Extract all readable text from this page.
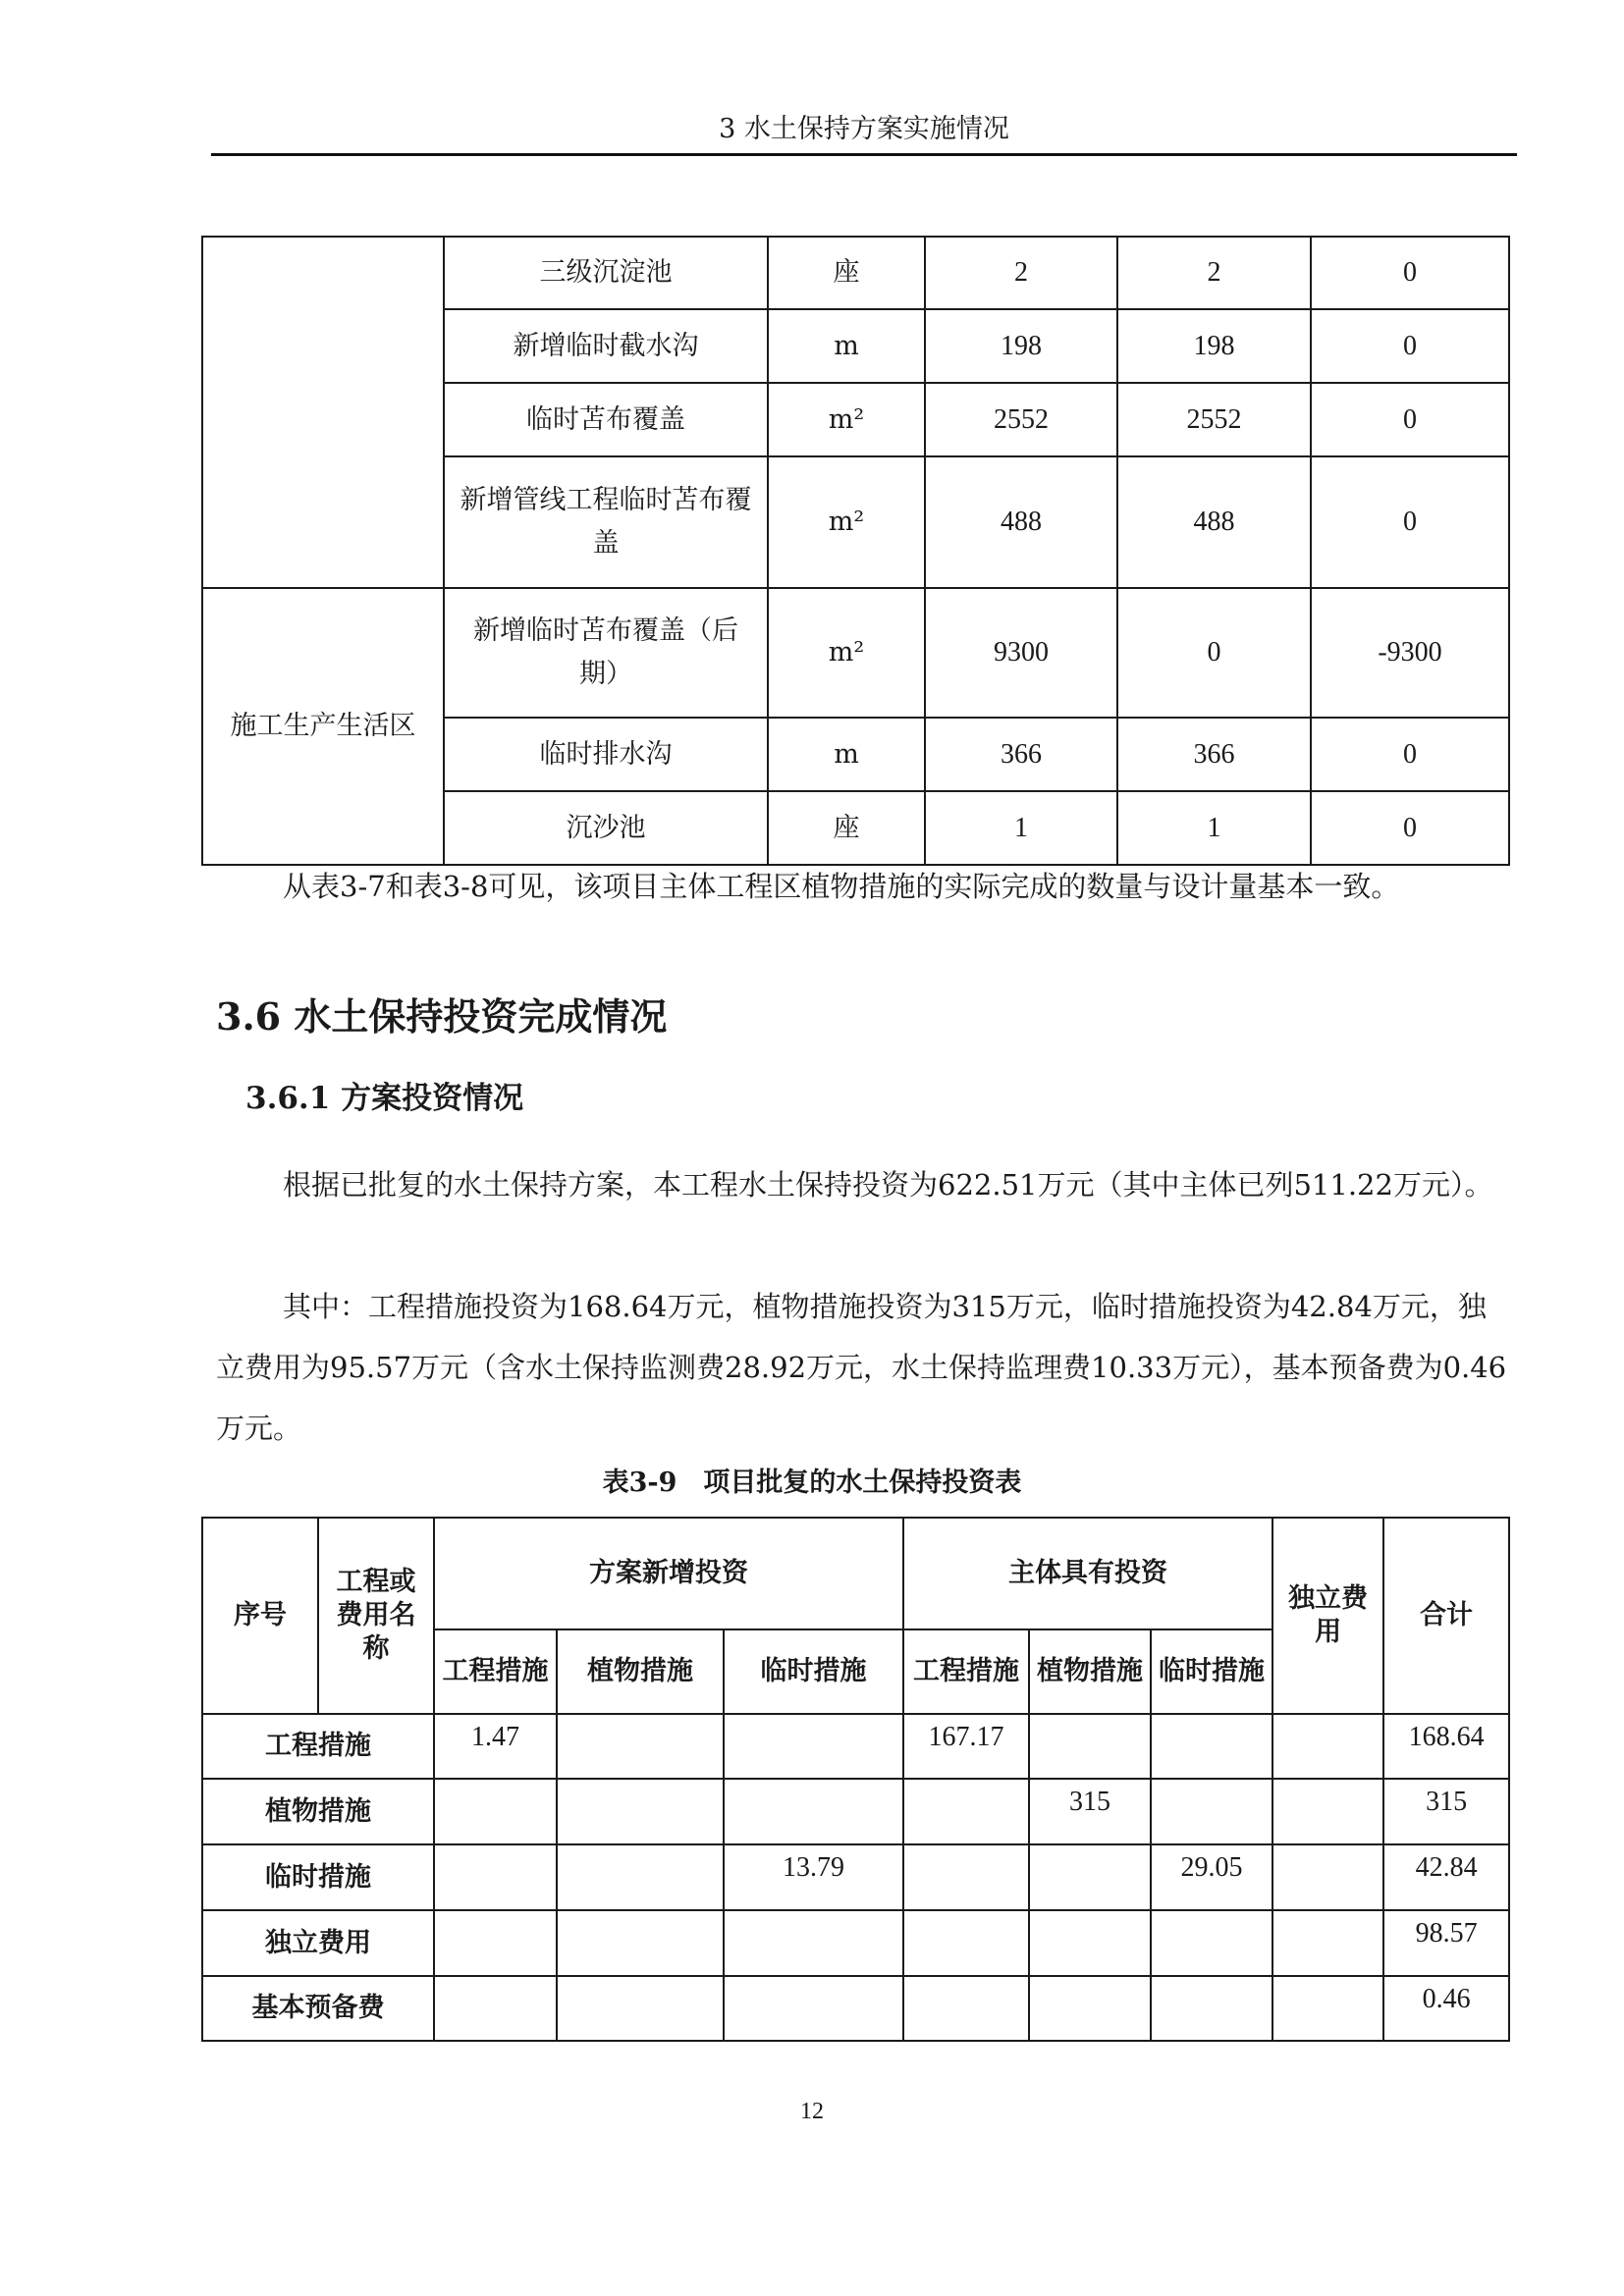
3 水土保持方案实施情况
	三级沉淀池	座	2	2	0
	新增临时截水沟	m	198	198	0
	临时苫布覆盖	m²	2552	2552	0
	新增管线工程临时苫布覆盖	m²	488	488	0
施工生产生活区	新增临时苫布覆盖（后期）	m²	9300	0	-9300
	临时排水沟	m	366	366	0
	沉沙池	座	1	1	0
从表3-7和表3-8可见，该项目主体工程区植物措施的实际完成的数量与设计量基本一致。
3.6 水土保持投资完成情况
3.6.1 方案投资情况
根据已批复的水土保持方案，本工程水土保持投资为622.51万元（其中主体已列511.22万元）。
其中：工程措施投资为168.64万元，植物措施投资为315万元，临时措施投资为42.84万元，独立费用为95.57万元（含水土保持监测费28.92万元，水土保持监理费10.33万元），基本预备费为0.46万元。
表3-9　项目批复的水土保持投资表
序号	工程或费用名称	方案新增投资			主体具有投资			独立费用	合计
		工程措施	植物措施	临时措施	工程措施	植物措施	临时措施		
工程措施		1.47			167.17				168.64
植物措施						315			315
临时措施				13.79			29.05		42.84
独立费用									98.57
基本预备费									0.46
12
